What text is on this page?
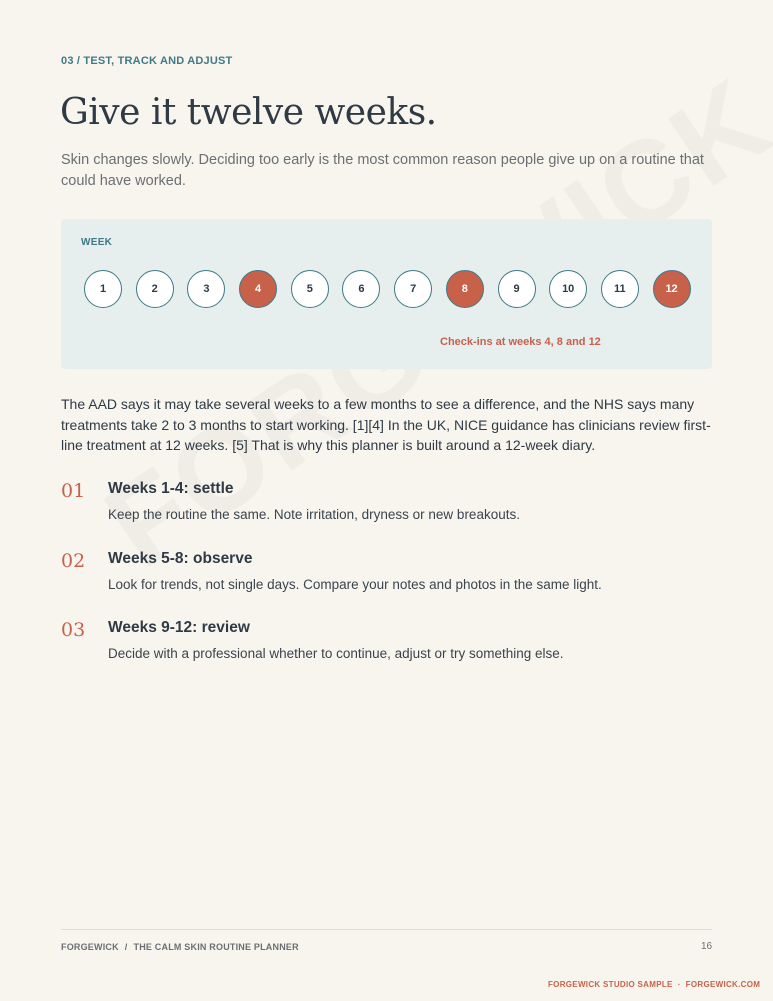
03 / TEST, TRACK AND ADJUST
Give it twelve weeks.
Skin changes slowly. Deciding too early is the most common reason people give up on a routine that could have worked.
WEEK
1	2	3	4	5	6	7	8	9	10	11	12
Check-ins at weeks 4, 8 and 12
The AAD says it may take several weeks to a few months to see a difference, and the NHS says many treatments take 2 to 3 months to start working. [1][4] In the UK, NICE guidance has clinicians review first-line treatment at 12 weeks. [5] That is why this planner is built around a 12-week diary.
01 Weeks 1-4: settle
Keep the routine the same. Note irritation, dryness or new breakouts.
02 Weeks 5-8: observe
Look for trends, not single days. Compare your notes and photos in the same light.
03 Weeks 9-12: review
Decide with a professional whether to continue, adjust or try something else.
FORGEWICK / THE CALM SKIN ROUTINE PLANNER	16
FORGEWICK STUDIO SAMPLE · FORGEWICK.COM
